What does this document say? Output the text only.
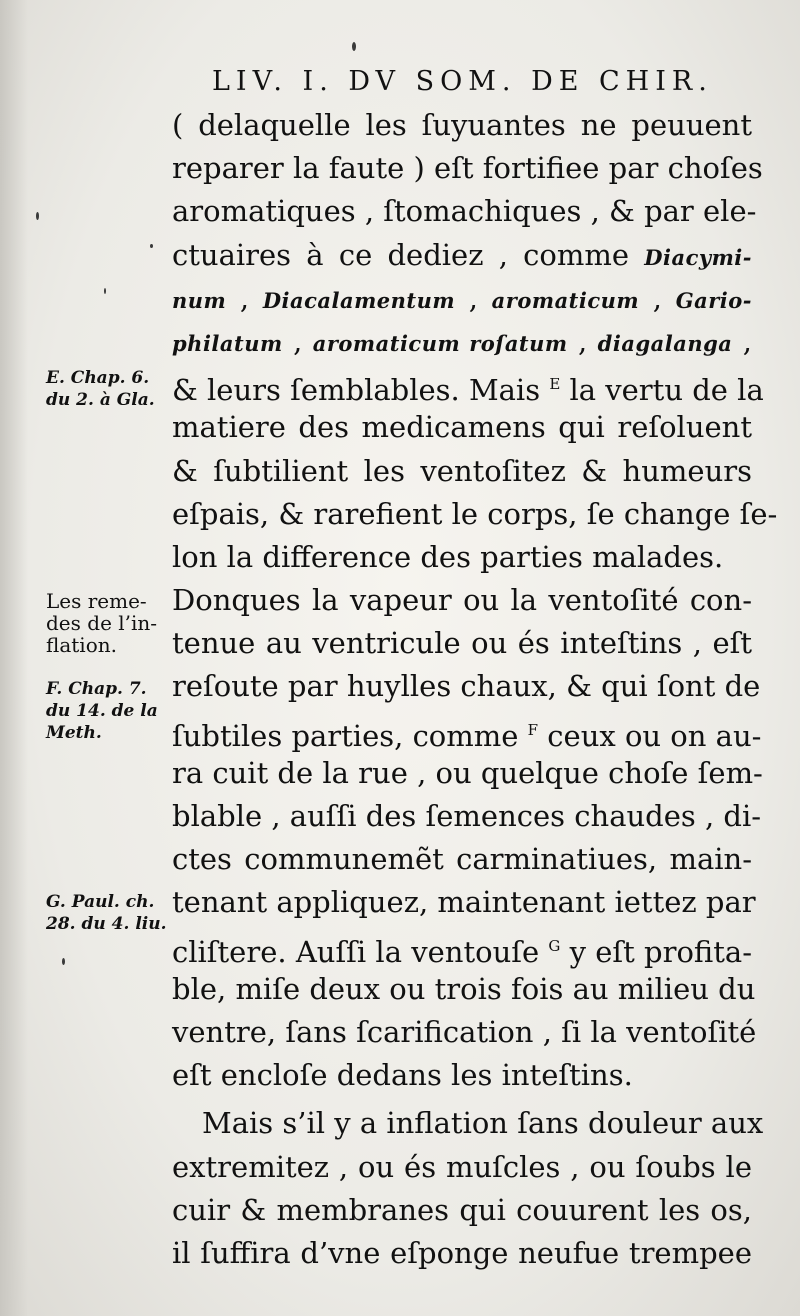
LIV. I. DV SOM. DE CHIR.
( delaquelle les ſuyuantes ne peuuent
reparer la faute ) eſt fortifiee par choſes
aromatiques , ſtomachiques , & par ele-
ctuaires à ce dediez , comme Diacymi-
num , Diacalamentum , aromaticum , Gario-
philatum , aromaticum roſatum , diagalanga ,
& leurs ſemblables. Mais $^E$ la vertu de la
matiere des medicamens qui reſoluent
& ſubtilient les ventoſitez & humeurs
eſpais, & rarefient le corps, ſe change ſe-
lon la difference des parties malades.
Donques la vapeur ou la ventoſité con-
tenue au ventricule ou és inteſtins , eſt
reſoute par huylles chaux, & qui ſont de
ſubtiles parties, comme $^F$ ceux ou on au-
ra cuit de la rue , ou quelque choſe ſem-
blable , auſſi des ſemences chaudes , di-
ctes communemẽt carminatiues, main-
tenant appliquez, maintenant iettez par
cliſtere. Auſſi la ventouſe $^G$ y eſt profita-
ble, miſe deux ou trois fois au milieu du
ventre, ſans ſcarification , ſi la ventoſité
eſt encloſe dedans les inteſtins.
Mais s’il y a inflation ſans douleur aux
extremitez , ou és muſcles , ou ſoubs le
cuir & membranes qui couurent les os,
il ſuffira d’vne eſponge neufue trempee
E. Chap. 6.
du 2. à Gla.
Les reme-
des de l’in-
flation.
F. Chap. 7.
du 14. de la
Meth.
G. Paul. ch.
28. du 4. liu.
